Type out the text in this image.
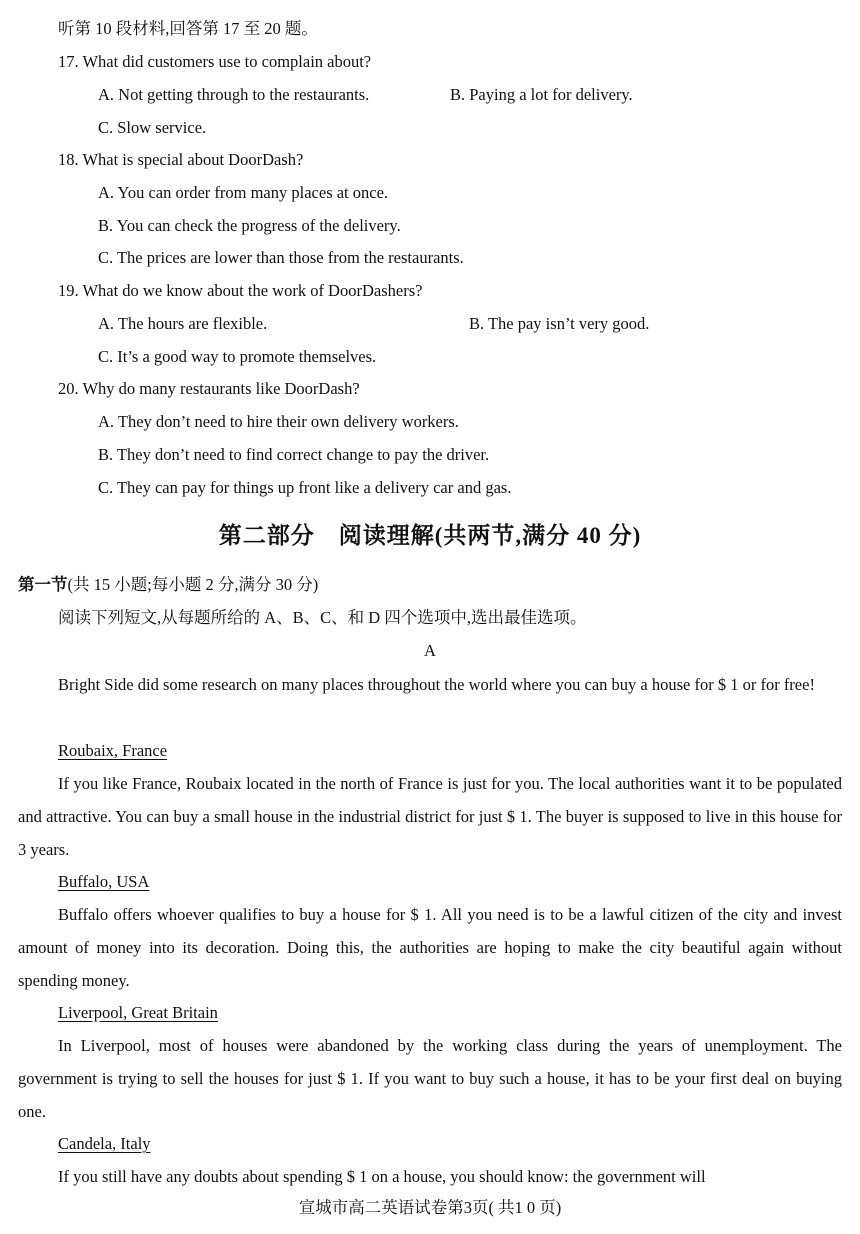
听第 10 段材料,回答第 17 至 20 题。
17. What did customers use to complain about?
A. Not getting through to the restaurants.	B. Paying a lot for delivery.
C. Slow service.
18. What is special about DoorDash?
A. You can order from many places at once.
B. You can check the progress of the delivery.
C. The prices are lower than those from the restaurants.
19. What do we know about the work of DoorDashers?
A. The hours are flexible.	B. The pay isn’t very good.
C. It’s a good way to promote themselves.
20. Why do many restaurants like DoorDash?
A. They don’t need to hire their own delivery workers.
B. They don’t need to find correct change to pay the driver.
C. They can pay for things up front like a delivery car and gas.
第二部分　阅读理解(共两节,满分 40 分)
第一节(共 15 小题;每小题 2 分,满分 30 分)
阅读下列短文,从每题所给的 A、B、C、和 D 四个选项中,选出最佳选项。
A
Bright Side did some research on many places throughout the world where you can buy a house for $ 1 or for free!
Roubaix, France
If you like France, Roubaix located in the north of France is just for you. The local authorities want it to be populated and attractive. You can buy a small house in the industrial district for just $ 1. The buyer is supposed to live in this house for 3 years.
Buffalo, USA
Buffalo offers whoever qualifies to buy a house for $ 1. All you need is to be a lawful citizen of the city and invest amount of money into its decoration. Doing this, the authorities are hoping to make the city beautiful again without spending money.
Liverpool, Great Britain
In Liverpool, most of houses were abandoned by the working class during the years of unemployment. The government is trying to sell the houses for just $ 1. If you want to buy such a house, it has to be your first deal on buying one.
Candela, Italy
If you still have any doubts about spending $ 1 on a house, you should know: the government will
宣城市高二英语试卷第3页( 共1 0 页)
